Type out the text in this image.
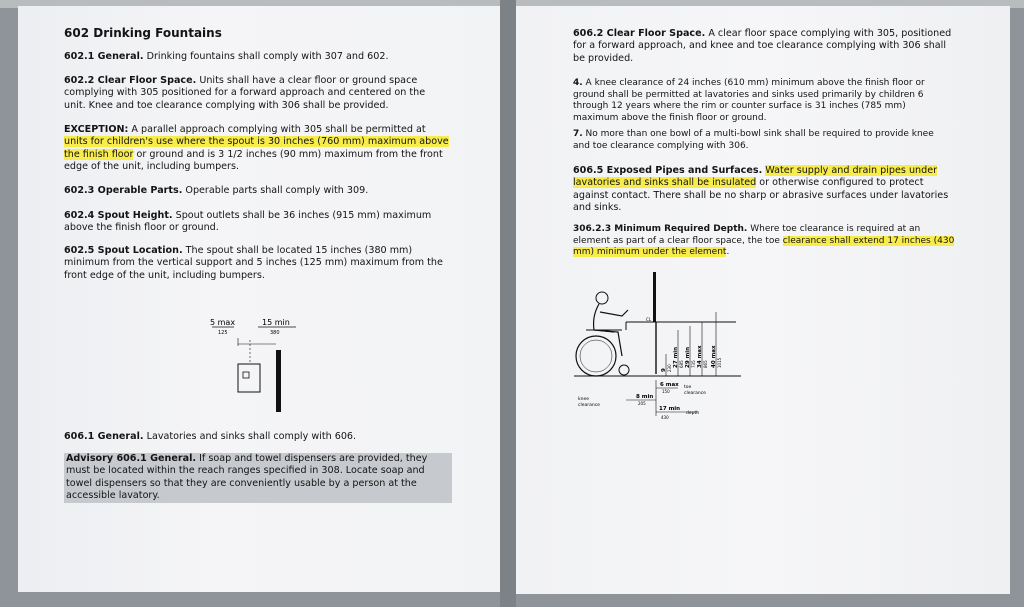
602 Drinking Fountains

602.1 General. Drinking fountains shall comply with 307 and 602.

602.2 Clear Floor Space. Units shall have a clear floor or ground space complying with 305 positioned for a forward approach and centered on the unit. Knee and toe clearance complying with 306 shall be provided.

EXCEPTION: A parallel approach complying with 305 shall be permitted at units for children's use where the spout is 30 inches (760 mm) maximum above the finish floor or ground and is 3 1/2 inches (90 mm) maximum from the front edge of the unit, including bumpers.

602.3 Operable Parts. Operable parts shall comply with 309.

602.4 Spout Height. Spout outlets shall be 36 inches (915 mm) maximum above the finish floor or ground.

602.5 Spout Location. The spout shall be located 15 inches (380 mm) minimum from the vertical support and 5 inches (125 mm) maximum from the front edge of the unit, including bumpers.

5 max
125
15 min
380

606.1 General. Lavatories and sinks shall comply with 606.

Advisory 606.1 General. If soap and towel dispensers are provided, they must be located within the reach ranges specified in 308. Locate soap and towel dispensers so that they are conveniently usable by a person at the accessible lavatory.

606.2 Clear Floor Space. A clear floor space complying with 305, positioned for a forward approach, and knee and toe clearance complying with 306 shall be provided.

4. A knee clearance of 24 inches (610 mm) minimum above the finish floor or ground shall be permitted at lavatories and sinks used primarily by children 6 through 12 years where the rim or counter surface is 31 inches (785 mm) maximum above the finish floor or ground.

7. No more than one bowl of a multi-bowl sink shall be required to provide knee and toe clearance complying with 306.

606.5 Exposed Pipes and Surfaces. Water supply and drain pipes under lavatories and sinks shall be insulated or otherwise configured to protect against contact. There shall be no sharp or abrasive surfaces under lavatories and sinks.

306.2.3 Minimum Required Depth. Where toe clearance is required at an element as part of a clear floor space, the toe clearance shall extend 17 inches (430 mm) minimum under the element.

CL
9 230
27 min 685 29 min 735 34 max 865 40 max 1015
6 max
150
toe
clearance
8 min
205
knee
clearance
17 min
430
depth
